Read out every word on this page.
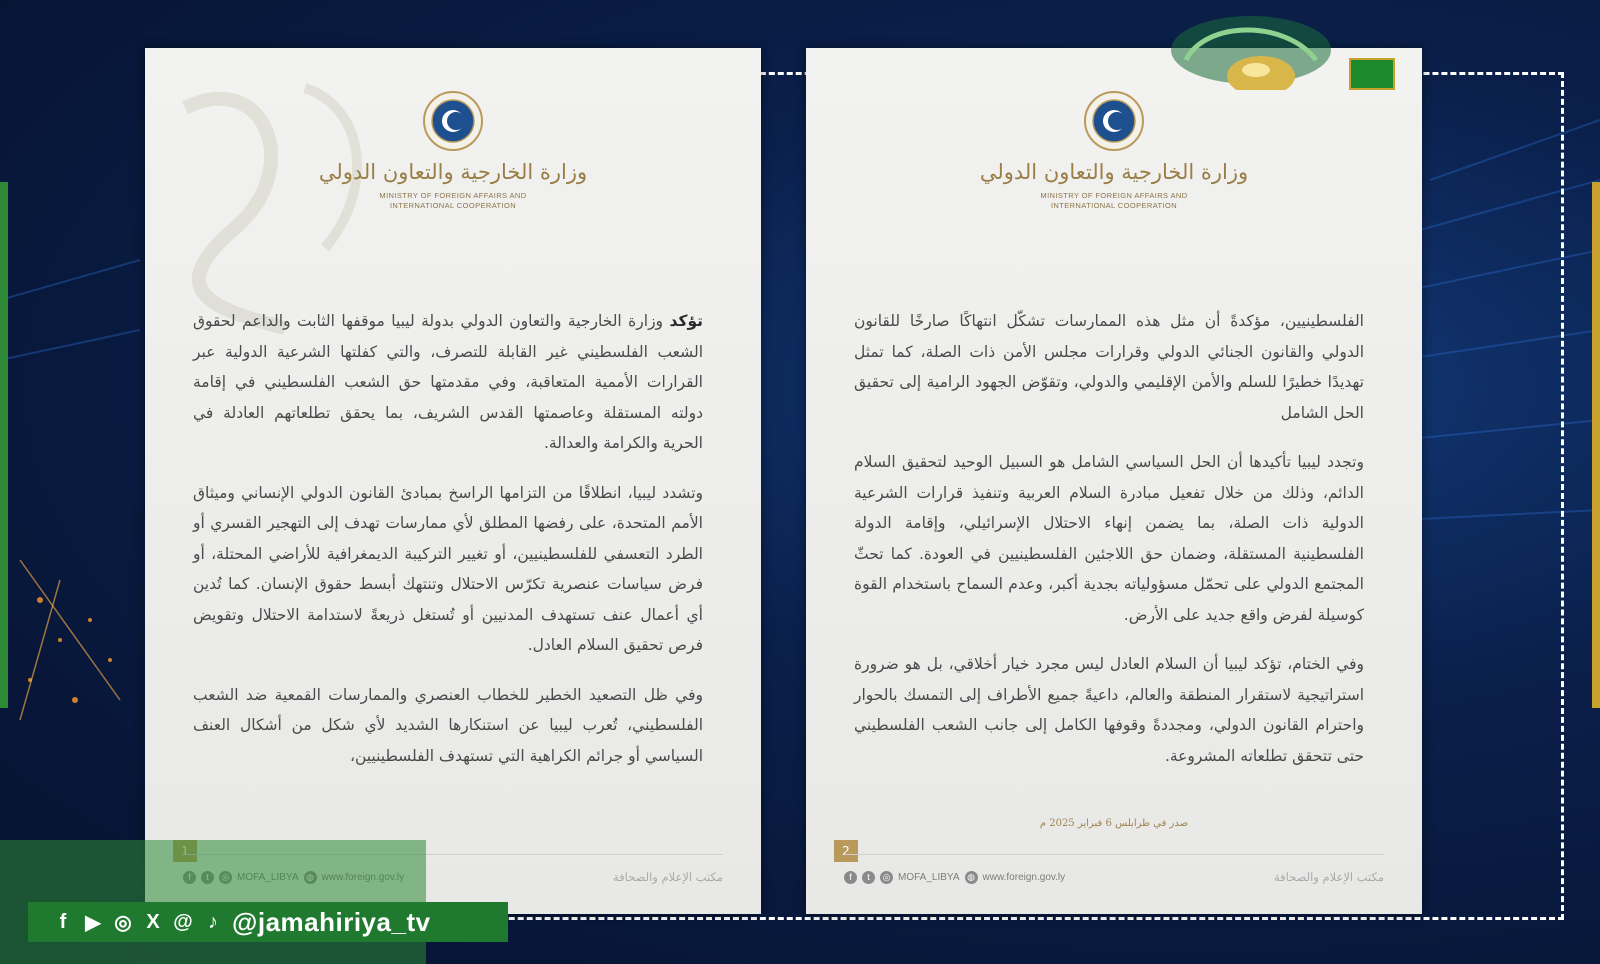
وزارة الخارجية والتعاون الدولي
MINISTRY OF FOREIGN AFFAIRS AND
INTERNATIONAL COOPERATION

تؤكد وزارة الخارجية والتعاون الدولي بدولة ليبيا موقفها الثابت والداعم لحقوق الشعب الفلسطيني غير القابلة للتصرف، والتي كفلتها الشرعية الدولية عبر القرارات الأممية المتعاقبة، وفي مقدمتها حق الشعب الفلسطيني في إقامة دولته المستقلة وعاصمتها القدس الشريف، بما يحقق تطلعاتهم العادلة في الحرية والكرامة والعدالة.

وتشدد ليبيا، انطلاقًا من التزامها الراسخ بمبادئ القانون الدولي الإنساني وميثاق الأمم المتحدة، على رفضها المطلق لأي ممارسات تهدف إلى التهجير القسري أو الطرد التعسفي للفلسطينيين، أو تغيير التركيبة الديمغرافية للأراضي المحتلة، أو فرض سياسات عنصرية تكرّس الاحتلال وتنتهك أبسط حقوق الإنسان. كما تُدين أي أعمال عنف تستهدف المدنيين أو تُستغل ذريعةً لاستدامة الاحتلال وتقويض فرص تحقيق السلام العادل.

وفي ظل التصعيد الخطير للخطاب العنصري والممارسات القمعية ضد الشعب الفلسطيني، تُعرب ليبيا عن استنكارها الشديد لأي شكل من أشكال العنف السياسي أو جرائم الكراهية التي تستهدف الفلسطينيين،

مكتب الإعلام والصحافة
وزارة الخارجية والتعاون الدولي
MINISTRY OF FOREIGN AFFAIRS AND
INTERNATIONAL COOPERATION

الفلسطينيين، مؤكدةً أن مثل هذه الممارسات تشكّل انتهاكًا صارخًا للقانون الدولي والقانون الجنائي الدولي وقرارات مجلس الأمن ذات الصلة، كما تمثل تهديدًا خطيرًا للسلم والأمن الإقليمي والدولي، وتقوّض الجهود الرامية إلى تحقيق الحل الشامل

وتجدد ليبيا تأكيدها أن الحل السياسي الشامل هو السبيل الوحيد لتحقيق السلام الدائم، وذلك من خلال تفعيل مبادرة السلام العربية وتنفيذ قرارات الشرعية الدولية ذات الصلة، بما يضمن إنهاء الاحتلال الإسرائيلي، وإقامة الدولة الفلسطينية المستقلة، وضمان حق اللاجئين الفلسطينيين في العودة. كما تحثّ المجتمع الدولي على تحمّل مسؤولياته بجدية أكبر، وعدم السماح باستخدام القوة كوسيلة لفرض واقع جديد على الأرض.

وفي الختام، تؤكد ليبيا أن السلام العادل ليس مجرد خيار أخلاقي، بل هو ضرورة استراتيجية لاستقرار المنطقة والعالم، داعيةً جميع الأطراف إلى التمسك بالحوار واحترام القانون الدولي، ومجددةً وقوفها الكامل إلى جانب الشعب الفلسطيني حتى تتحقق تطلعاته المشروعة.

صدر في طرابلس 6 فبراير 2025 م
2
f	t	◎ MOFA_LIBYA ◍ www.foreign.gov.ly	مكتب الإعلام والصحافة
f ▶ ◎ X @ ♪ @jamahiriya_tv
